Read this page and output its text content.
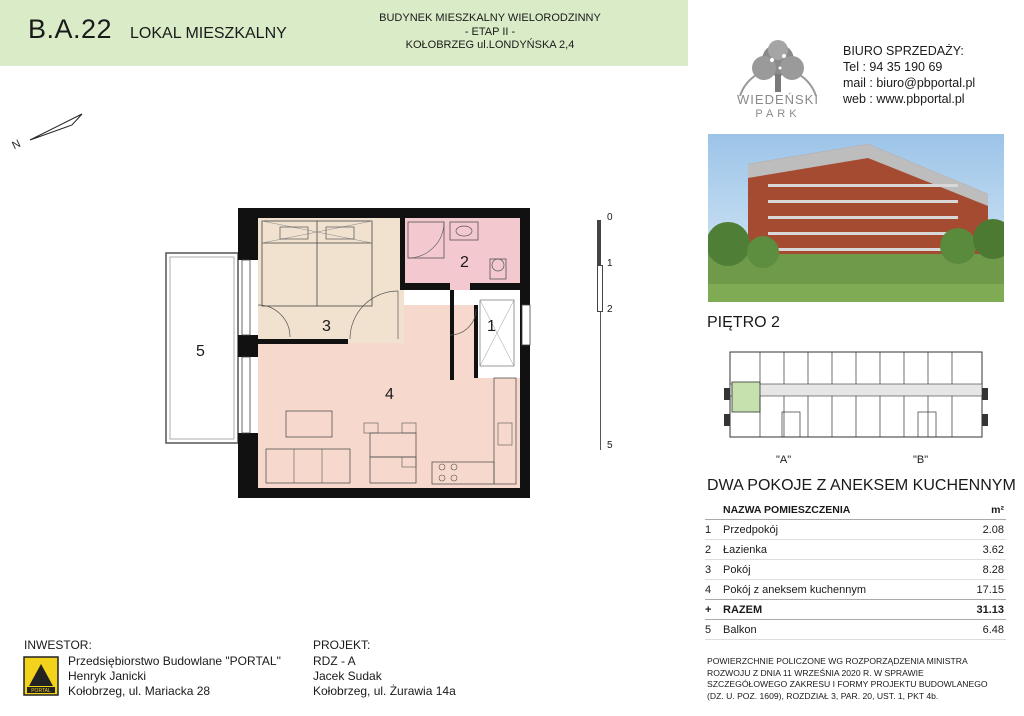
B.A.22 LOKAL MIESZKALNY
BUDYNEK MIESZKALNY WIELORODZINNY
- ETAP II -
KOŁOBRZEG ul.LONDYŃSKA 2,4
N
2
1
3
4
5
0
1
2
5
WIEDEŃSKI
PARK
BIURO SPRZEDAŻY:
Tel : 94 35 190 69
mail : biuro@pbportal.pl
web : www.pbportal.pl
PIĘTRO 2
"A"	"B"
DWA POKOJE Z ANEKSEM KUCHENNYM
	NAZWA POMIESZCZENIA	m²
1	Przedpokój	2.08
2	Łazienka	3.62
3	Pokój	8.28
4	Pokój z aneksem kuchennym	17.15
+	RAZEM	31.13
5	Balkon	6.48
POWIERZCHNIE POLICZONE WG ROZPORZĄDZENIA MINISTRA
ROZWOJU Z DNIA 11 WRZEŚNIA 2020 R. W SPRAWIE
SZCZEGÓŁOWEGO ZAKRESU I FORMY PROJEKTU BUDOWLANEGO
(DZ. U. POZ. 1609), ROZDZIAŁ 3, PAR. 20, UST. 1, PKT 4b.
INWESTOR:
PORTAL
Przedsiębiorstwo Budowlane "PORTAL"
Henryk Janicki
Kołobrzeg, ul. Mariacka 28
PROJEKT:
RDZ - A
Jacek Sudak
Kołobrzeg, ul. Żurawia 14a
